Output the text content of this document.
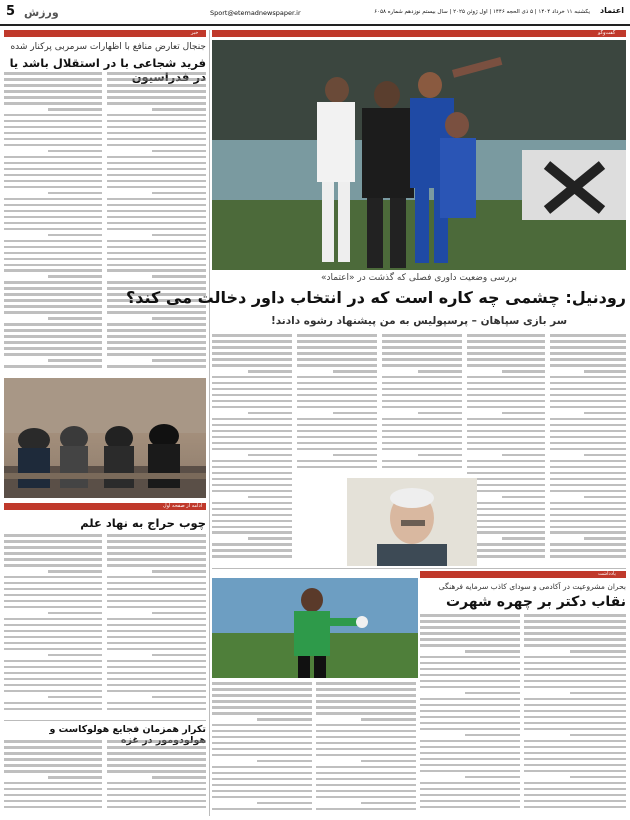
5 ورزش	Sport@etemadnewspaper.ir	یکشنبه ۱۱ خرداد ۱۴۰۴ | ۵ ذی الحجه ۱۴۴۶ | اول ژوئن ۲۰۲۵ | سال بیستم نوزدهم شماره ۶۰۵۸ اعتماد
خبر
جنجال تعارض منافع با اظهارات سرمربی پرکنار شده
فرید شجاعی با در استقلال باشد یا
ادامه از صفحه اول
چوب حراج به نهاد علم
تکرار همزمان فجایع هولوکاست و
گفت‌وگو
بررسی وضعیت داوری فصلی که گذشت در «اعتماد»
رودنیل: چشمی چه کاره است که در انتخاب داور دخالت می کند؟
سر بازی سپاهان – پرسپولیس به من پیشنهاد رشوه دادند!
یادداشت
بحران مشروعیت در آکادمی و سودای کاذب سرمایه فرهنگی
نقاب دکتر بر چهره شهرت
